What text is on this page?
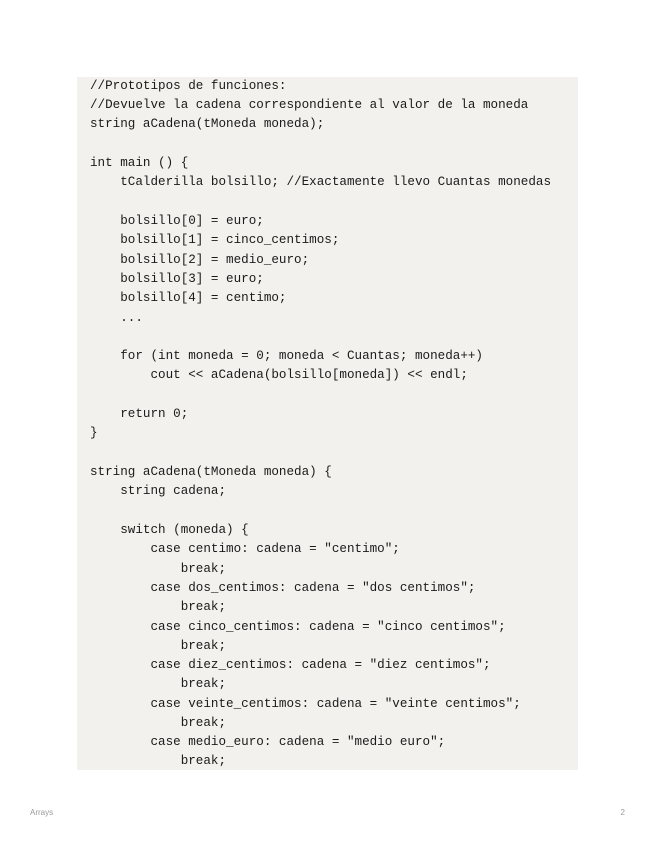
//Prototipos de funciones:
//Devuelve la cadena correspondiente al valor de la moneda
string aCadena(tMoneda moneda);
int main () {
tCalderilla bolsillo; //Exactamente llevo Cuantas monedas
bolsillo[0] = euro;
bolsillo[1] = cinco_centimos;
bolsillo[2] = medio_euro;
bolsillo[3] = euro;
bolsillo[4] = centimo;
...
for (int moneda = 0; moneda < Cuantas; moneda++)
cout << aCadena(bolsillo[moneda]) << endl;
return 0;
}
string aCadena(tMoneda moneda) {
string cadena;
switch (moneda) {
case centimo: cadena = "centimo";
break;
case dos_centimos: cadena = "dos centimos";
break;
case cinco_centimos: cadena = "cinco centimos";
break;
case diez_centimos: cadena = "diez centimos";
break;
case veinte_centimos: cadena = "veinte centimos";
break;
case medio_euro: cadena = "medio euro";
break;
Arrays	2
